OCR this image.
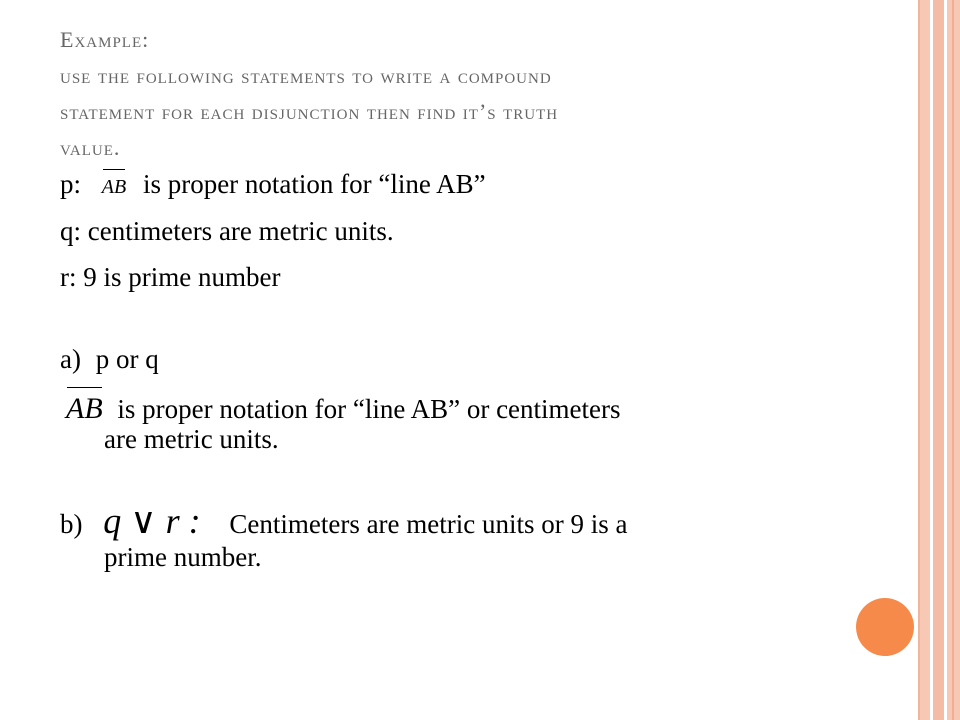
Example:
use the following statements to write a compound
statement for each disjunction then find it’s truth
value.
p: AB is proper notation for “line AB”
q: centimeters are metric units.
r: 9 is prime number
a) p or q
AB is proper notation for “line AB” or centimeters
are metric units.
b) q ∨ r : Centimeters are metric units or 9 is a
prime number.
